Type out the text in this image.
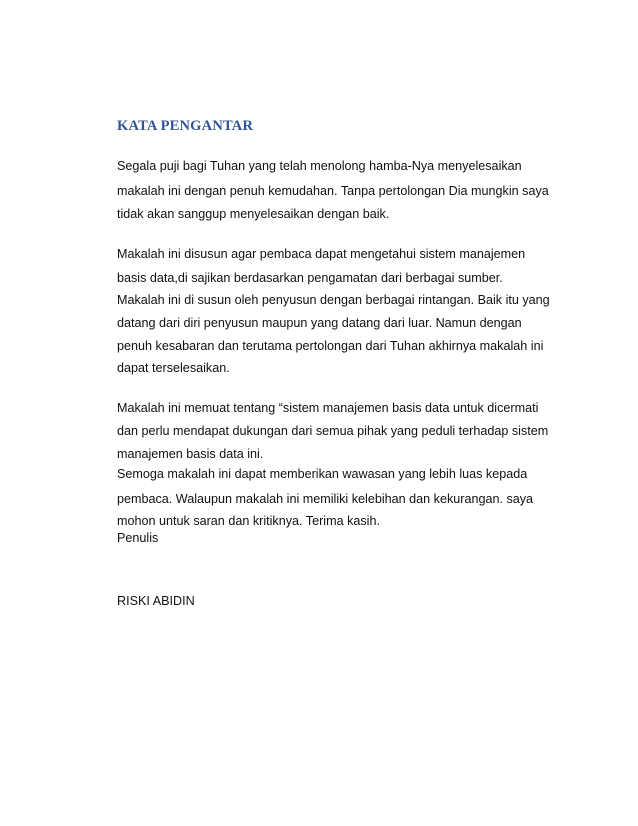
KATA PENGANTAR
Segala puji bagi Tuhan yang telah menolong hamba-Nya menyelesaikan
makalah ini dengan penuh kemudahan. Tanpa pertolongan Dia mungkin saya
tidak akan sanggup menyelesaikan dengan baik.
Makalah ini disusun agar pembaca dapat mengetahui sistem manajemen
basis data,di sajikan berdasarkan pengamatan dari berbagai sumber.
Makalah ini di susun oleh penyusun dengan berbagai rintangan. Baik itu yang
datang dari diri penyusun maupun yang datang dari luar. Namun dengan
penuh kesabaran dan terutama pertolongan dari Tuhan akhirnya makalah ini
dapat terselesaikan.
Makalah ini memuat tentang “sistem manajemen basis data untuk dicermati
dan perlu mendapat dukungan dari semua pihak yang peduli terhadap sistem
manajemen basis data ini.
Semoga makalah ini dapat memberikan wawasan yang lebih luas kepada
pembaca. Walaupun makalah ini memiliki kelebihan dan kekurangan. saya
mohon untuk saran dan kritiknya. Terima kasih.
Penulis
RISKI ABIDIN
